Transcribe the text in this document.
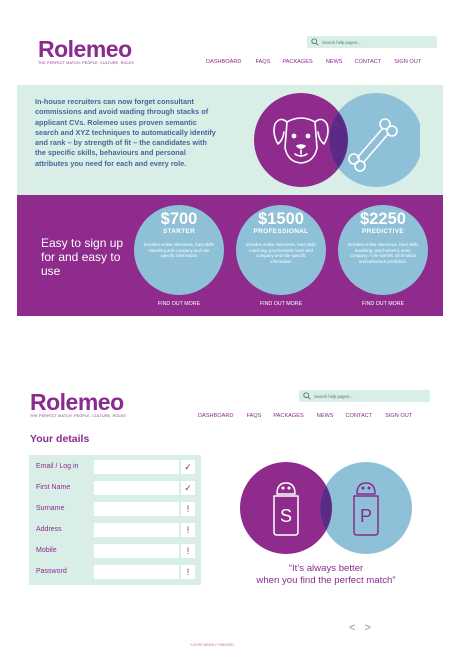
Rolemeo
THE PERFECT MATCH: PEOPLE, CULTURE, ROLES
Search help pages...
DASHBOARD	FAQS PACKAGES NEWS CONTACT SIGN OUT
In-house recruiters can now forget consultant commissions and avoid wading through stacks of applicant CVs. Rolemeo uses proven semantic search and XYZ techniques to automatically identify and rank – by strength of fit – the candidates with the specific skills, behaviours and personal attributes you need for each and every role.
Easy to sign up for and easy to use
$700
STARTER
Includes online interviews, hard skills matching and company and role specific information
FIND OUT MORE
$1500
PROFESSIONAL
Includes online interviews, hard skills matching, psychometric tests and company and role specific information
FIND OUT MORE
$2250
PREDICTIVE
Includes online interviews, hard skills matching, psychometric tests, company / role specific information and behaviour prediction.
FIND OUT MORE
Rolemeo
THE PERFECT MATCH: PEOPLE, CULTURE, ROLES
Search help pages...
DASHBOARD FAQS PACKAGES NEWS CONTACT SIGN OUT
Your details
Email / Log in	✓
First Name	✓
Surname	!
Address	!
Mobile	!
Password	!
S	P
“It’s always better
when you find the perfect match”
<>
YOU'RE NEARLY FINISHED
